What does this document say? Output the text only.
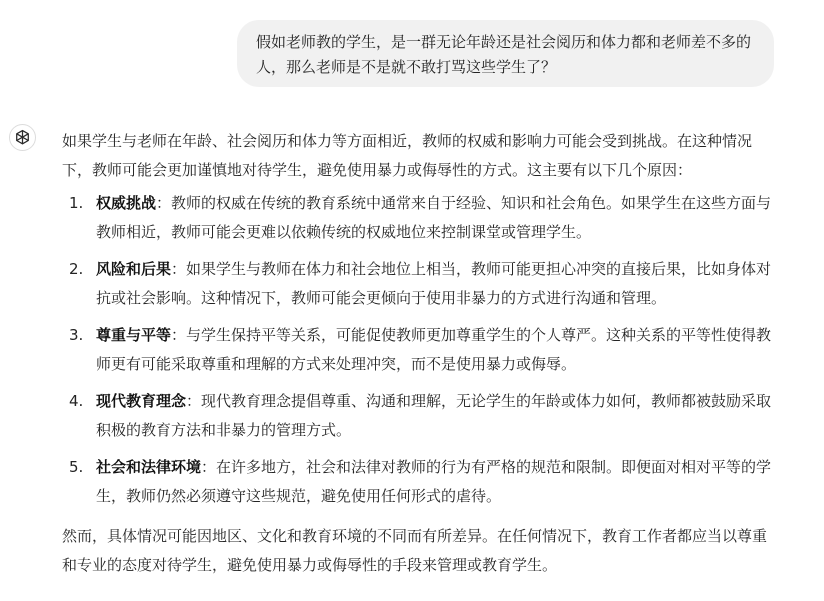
假如老师教的学生，是一群无论年龄还是社会阅历和体力都和老师差不多的人，那么老师是不是就不敢打骂这些学生了？

如果学生与老师在年龄、社会阅历和体力等方面相近，教师的权威和影响力可能会受到挑战。在这种情况下，教师可能会更加谨慎地对待学生，避免使用暴力或侮辱性的方式。这主要有以下几个原因：

1. 权威挑战：教师的权威在传统的教育系统中通常来自于经验、知识和社会角色。如果学生在这些方面与教师相近，教师可能会更难以依赖传统的权威地位来控制课堂或管理学生。
2. 风险和后果：如果学生与教师在体力和社会地位上相当，教师可能更担心冲突的直接后果，比如身体对抗或社会影响。这种情况下，教师可能会更倾向于使用非暴力的方式进行沟通和管理。
3. 尊重与平等：与学生保持平等关系，可能促使教师更加尊重学生的个人尊严。这种关系的平等性使得教师更有可能采取尊重和理解的方式来处理冲突，而不是使用暴力或侮辱。
4. 现代教育理念：现代教育理念提倡尊重、沟通和理解，无论学生的年龄或体力如何，教师都被鼓励采取积极的教育方法和非暴力的管理方式。
5. 社会和法律环境：在许多地方，社会和法律对教师的行为有严格的规范和限制。即便面对相对平等的学生，教师仍然必须遵守这些规范，避免使用任何形式的虐待。

然而，具体情况可能因地区、文化和教育环境的不同而有所差异。在任何情况下，教育工作者都应当以尊重和专业的态度对待学生，避免使用暴力或侮辱性的手段来管理或教育学生。
